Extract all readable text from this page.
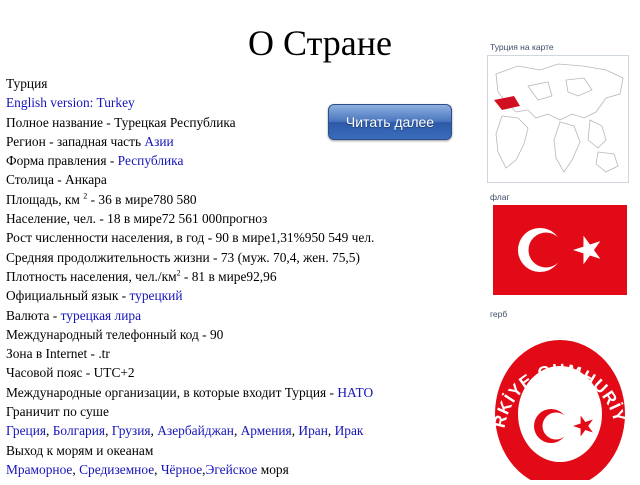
О Стране
Турция
English version: Turkey
Полное название - Турецкая Республика
Регион - западная часть Азии
Форма правления - Республика
Столица - Анкара
Площадь, км $^2$ - 36 в мире780 580
Население, чел. - 18 в мире72 561 000прогноз
Рост численности населения, в год - 90 в мире1,31%950 549 чел.
Средняя продолжительность жизни - 73 (муж. 70,4, жен. 75,5)
Плотность населения, $чел./км^2 - 81$ в мире92,96
Официальный язык - турецкий
Валюта - турецкая лира
Международный телефонный код - 90
Зона в Internet - .tr
Часовой пояс - UTC+2
Международные организации, в которые входит Турция - НАТО
Граничит по суше
Греция, Болгария, Грузия, Азербайджан, Армения, Иран, Ирак
Выход к морям и океанам
Мраморное, Средиземное, Чёрное,Эгейское моря
Читать далее
Турция на карте
флаг
герб
KİYE CUMHURİ
